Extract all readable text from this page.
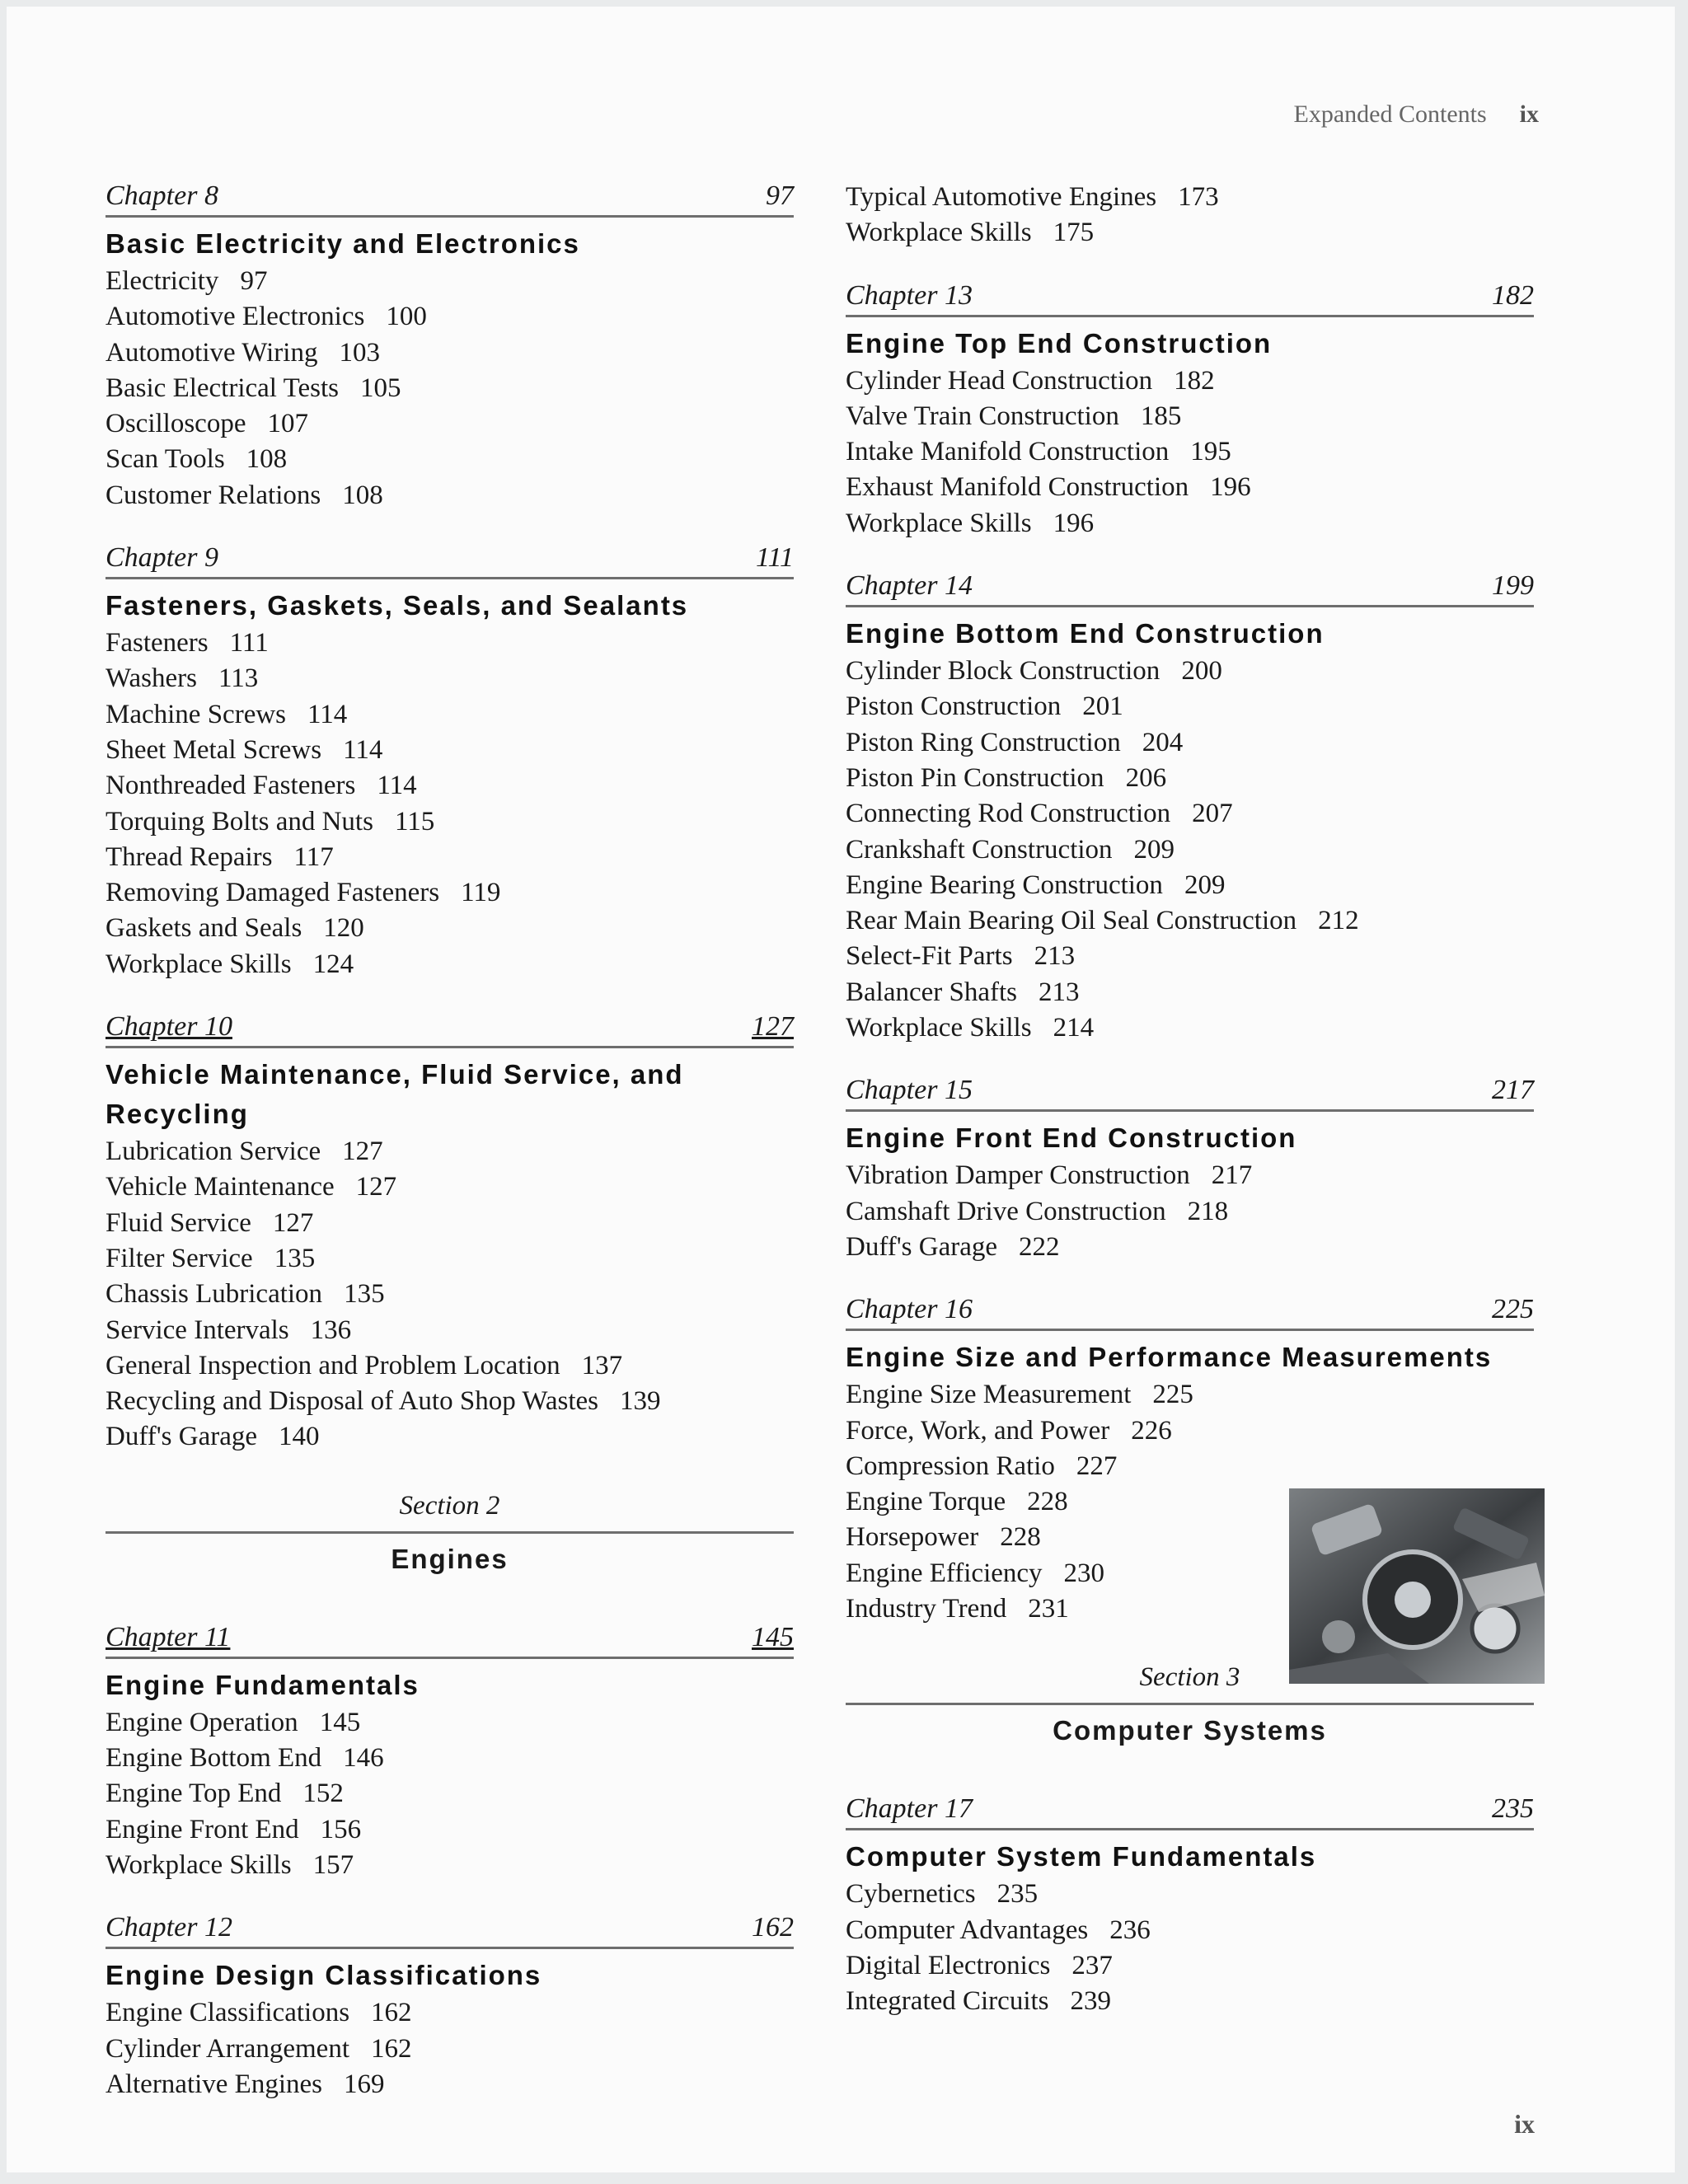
Expanded Contents ix
Chapter 8	97
Basic Electricity and Electronics
Electricity 97
Automotive Electronics 100
Automotive Wiring 103
Basic Electrical Tests 105
Oscilloscope 107
Scan Tools 108
Customer Relations 108
Chapter 9	111
Fasteners, Gaskets, Seals, and Sealants
Fasteners 111
Washers 113
Machine Screws 114
Sheet Metal Screws 114
Nonthreaded Fasteners 114
Torquing Bolts and Nuts 115
Thread Repairs 117
Removing Damaged Fasteners 119
Gaskets and Seals 120
Workplace Skills 124
Chapter 10	127
Vehicle Maintenance, Fluid Service, and Recycling
Lubrication Service 127
Vehicle Maintenance 127
Fluid Service 127
Filter Service 135
Chassis Lubrication 135
Service Intervals 136
General Inspection and Problem Location 137
Recycling and Disposal of Auto Shop Wastes 139
Duff's Garage 140
Section 2
Engines
Chapter 11	145
Engine Fundamentals
Engine Operation 145
Engine Bottom End 146
Engine Top End 152
Engine Front End 156
Workplace Skills 157
Chapter 12	162
Engine Design Classifications
Engine Classifications 162
Cylinder Arrangement 162
Alternative Engines 169
Typical Automotive Engines 173
Workplace Skills 175
Chapter 13	182
Engine Top End Construction
Cylinder Head Construction 182
Valve Train Construction 185
Intake Manifold Construction 195
Exhaust Manifold Construction 196
Workplace Skills 196
Chapter 14	199
Engine Bottom End Construction
Cylinder Block Construction 200
Piston Construction 201
Piston Ring Construction 204
Piston Pin Construction 206
Connecting Rod Construction 207
Crankshaft Construction 209
Engine Bearing Construction 209
Rear Main Bearing Oil Seal Construction 212
Select-Fit Parts 213
Balancer Shafts 213
Workplace Skills 214
Chapter 15	217
Engine Front End Construction
Vibration Damper Construction 217
Camshaft Drive Construction 218
Duff's Garage 222
Chapter 16	225
Engine Size and Performance Measurements
Engine Size Measurement 225
Force, Work, and Power 226
Compression Ratio 227
Engine Torque 228
Horsepower 228
Engine Efficiency 230
Industry Trend 231
Section 3
Computer Systems
Chapter 17	235
Computer System Fundamentals
Cybernetics 235
Computer Advantages 236
Digital Electronics 237
Integrated Circuits 239
ix
